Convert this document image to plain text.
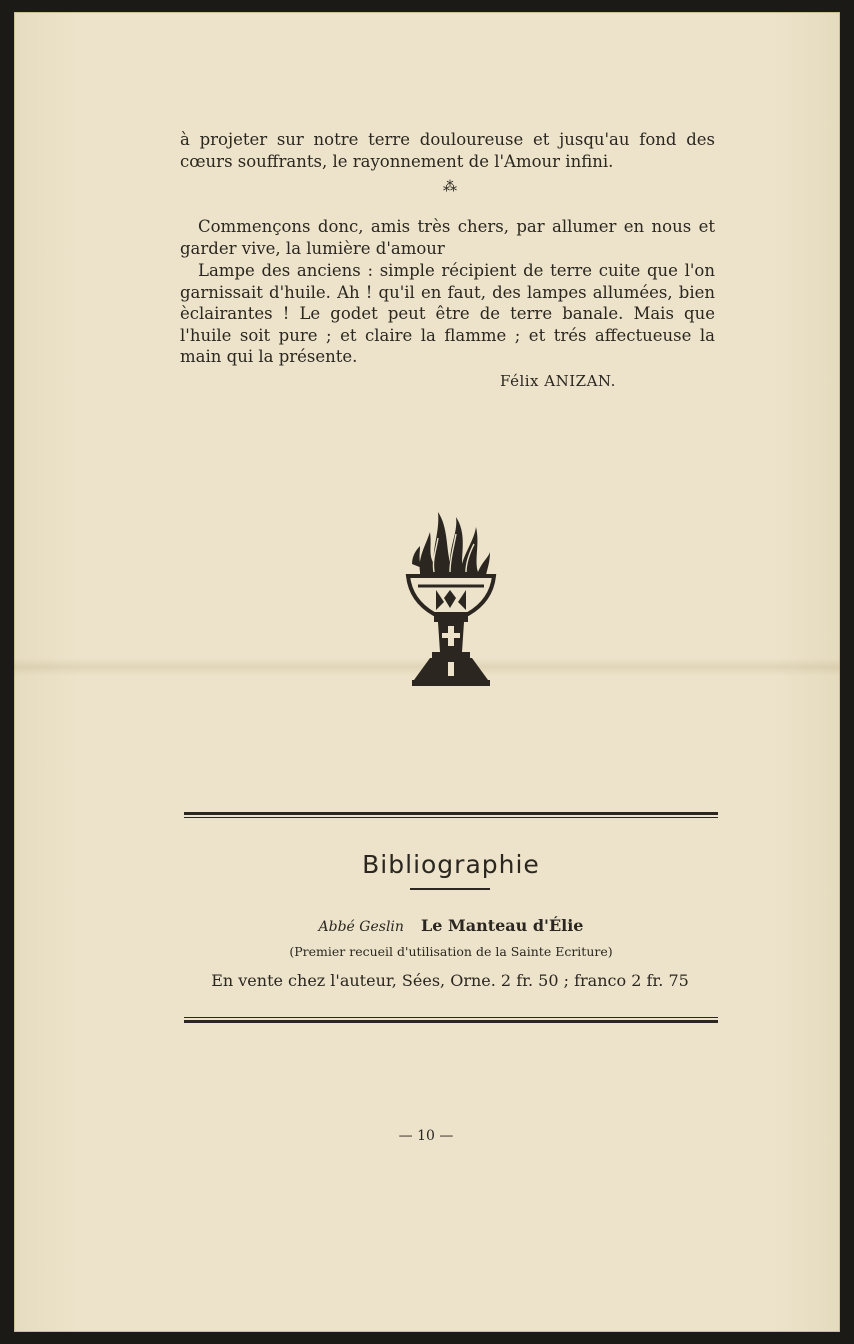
à projeter sur notre terre douloureuse et jusqu'au fond des cœurs souffrants, le rayonnement de l'Amour infini.

⁂

Commençons donc, amis très chers, par allumer en nous et garder vive, la lumière d'amour

Lampe des anciens : simple récipient de terre cuite que l'on garnissait d'huile. Ah ! qu'il en faut, des lampes allumées, bien èclairantes ! Le godet peut être de terre banale. Mais que l'huile soit pure ; et claire la flamme ; et trés affectueuse la main qui la présente.

Félix ANIZAN.
Bibliographie
Abbé Geslin Le Manteau d'Élie
(Premier recueil d'utilisation de la Sainte Ecriture)
En vente chez l'auteur, Sées, Orne. 2 fr. 50 ; franco 2 fr. 75
— 10 —
